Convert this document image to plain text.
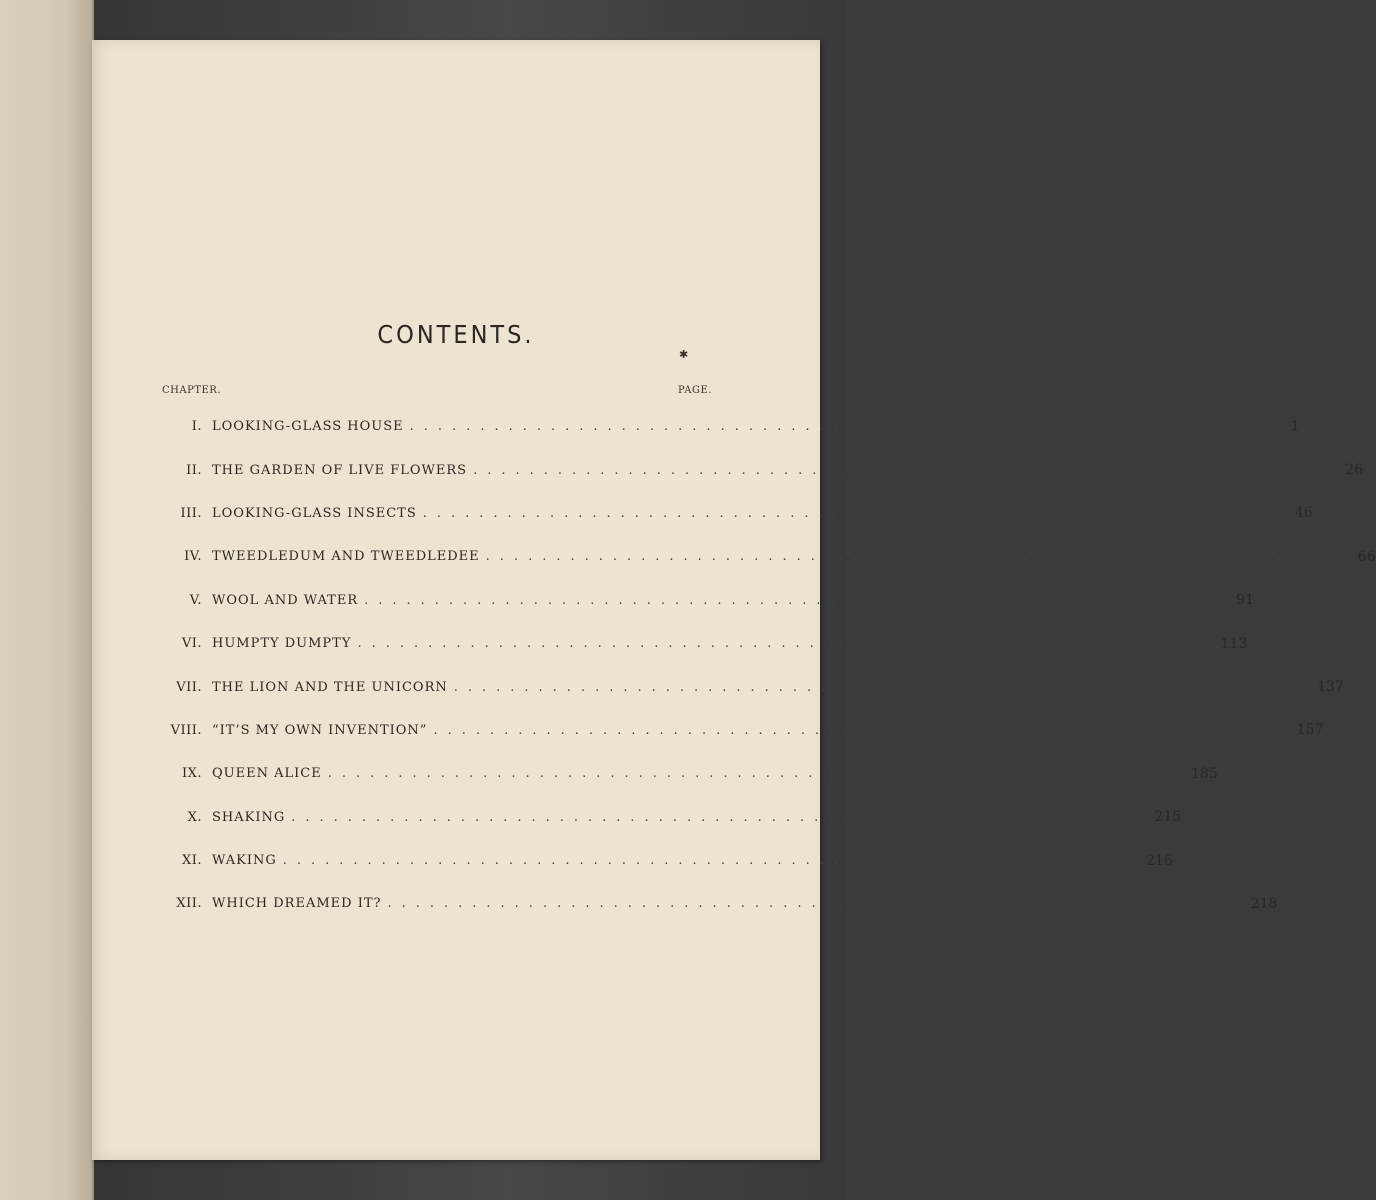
CONTENTS.
CHAPTER.	PAGE.
✱
I. LOOKING-GLASS HOUSE ............................................................	1
II. THE GARDEN OF LIVE FLOWERS ............................................................	26
III. LOOKING-GLASS INSECTS ............................................................	46
IV. TWEEDLEDUM AND TWEEDLEDEE ............................................................	66
V. WOOL AND WATER ............................................................	91
VI. HUMPTY DUMPTY ............................................................	113
VII. THE LION AND THE UNICORN ............................................................	137
VIII. “IT’S MY OWN INVENTION” ............................................................	157
IX. QUEEN ALICE ............................................................	185
X. SHAKING ............................................................	215
XI. WAKING ............................................................	216
XII. WHICH DREAMED IT? ............................................................	218
